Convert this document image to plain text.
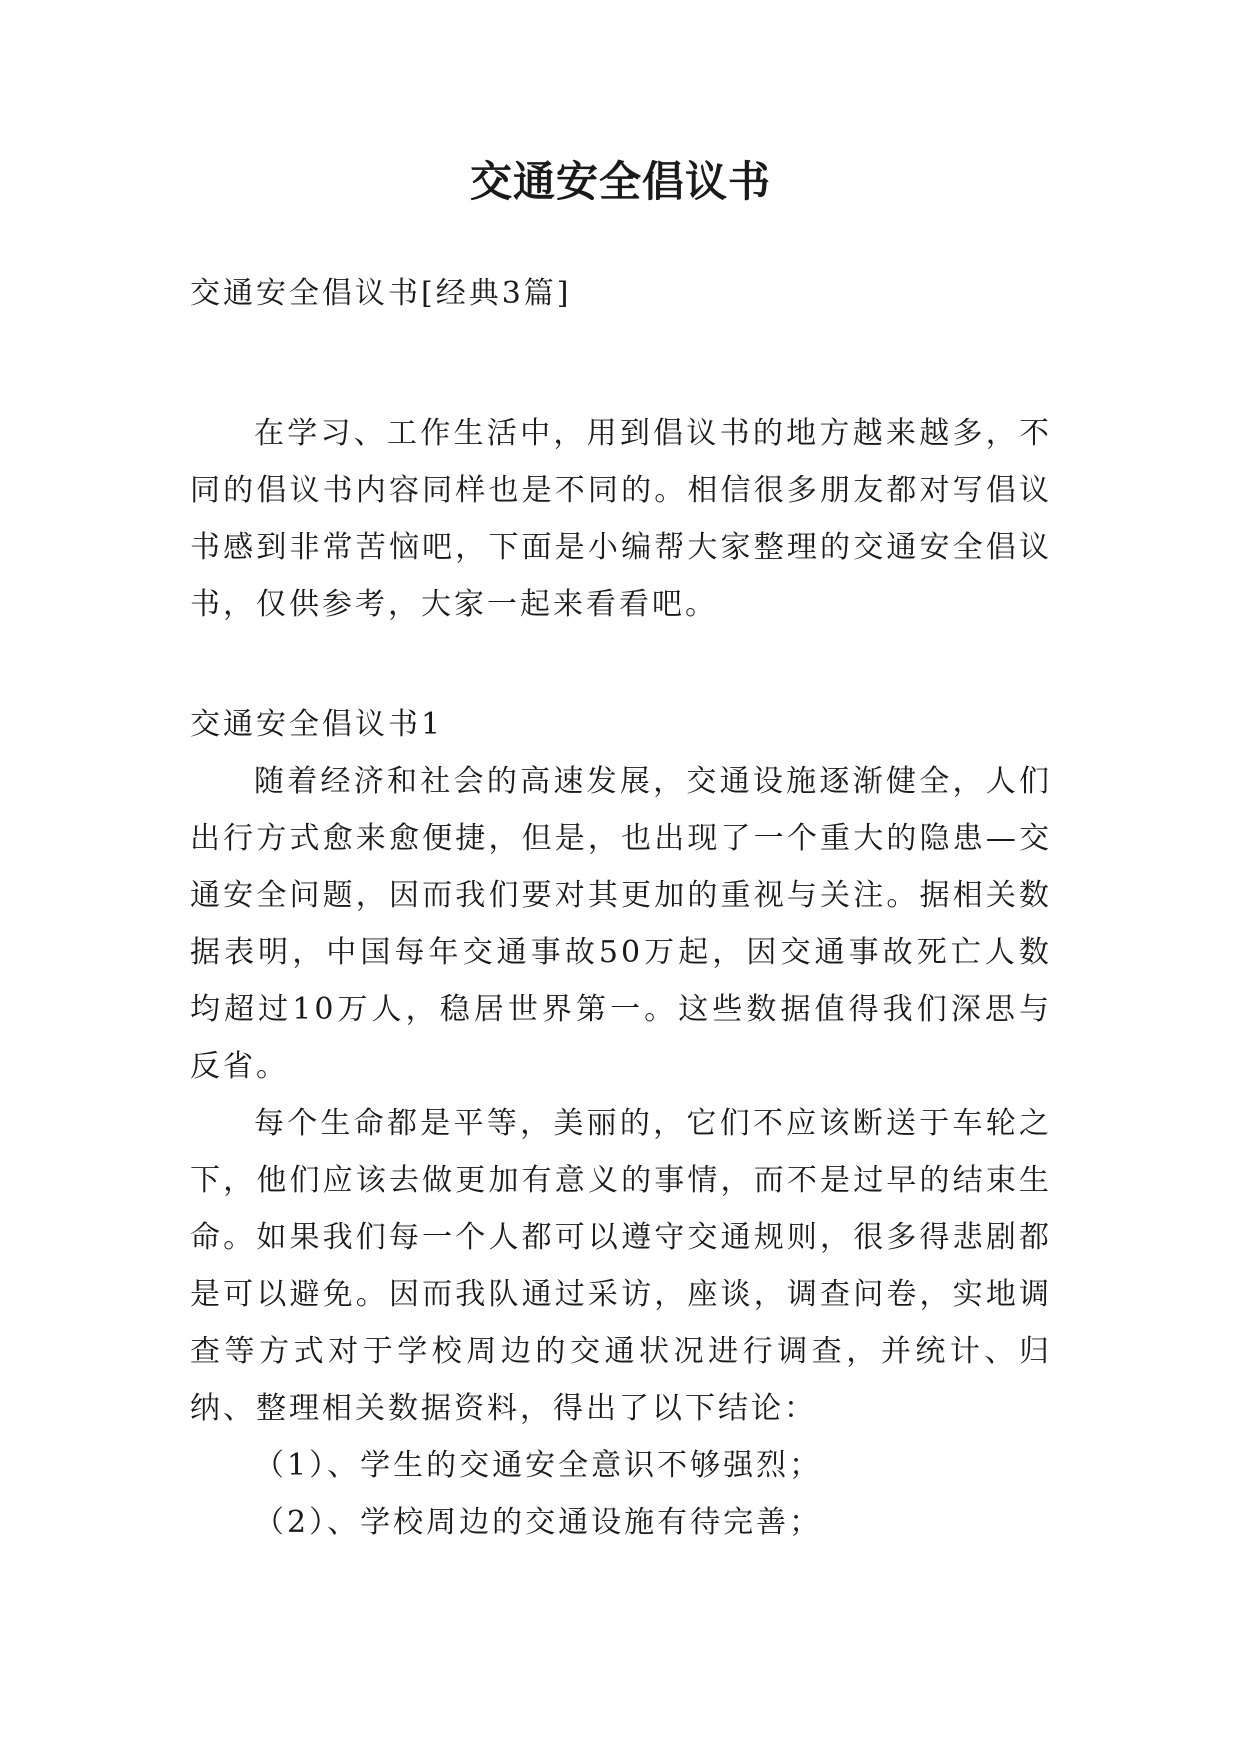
交通安全倡议书
交通安全倡议书[经典3篇]

在学习、工作生活中，用到倡议书的地方越来越多，不同的倡议书内容同样也是不同的。相信很多朋友都对写倡议书感到非常苦恼吧，下面是小编帮大家整理的交通安全倡议书，仅供参考，大家一起来看看吧。

交通安全倡议书1

随着经济和社会的高速发展，交通设施逐渐健全，人们出行方式愈来愈便捷，但是，也出现了一个重大的隐患—交通安全问题，因而我们要对其更加的重视与关注。据相关数据表明，中国每年交通事故50万起，因交通事故死亡人数均超过10万人，稳居世界第一。这些数据值得我们深思与反省。

每个生命都是平等，美丽的，它们不应该断送于车轮之下，他们应该去做更加有意义的事情，而不是过早的结束生命。如果我们每一个人都可以遵守交通规则，很多得悲剧都是可以避免。因而我队通过采访，座谈，调查问卷，实地调查等方式对于学校周边的交通状况进行调查，并统计、归纳、整理相关数据资料，得出了以下结论：

（1）、学生的交通安全意识不够强烈；

（2）、学校周边的交通设施有待完善；
